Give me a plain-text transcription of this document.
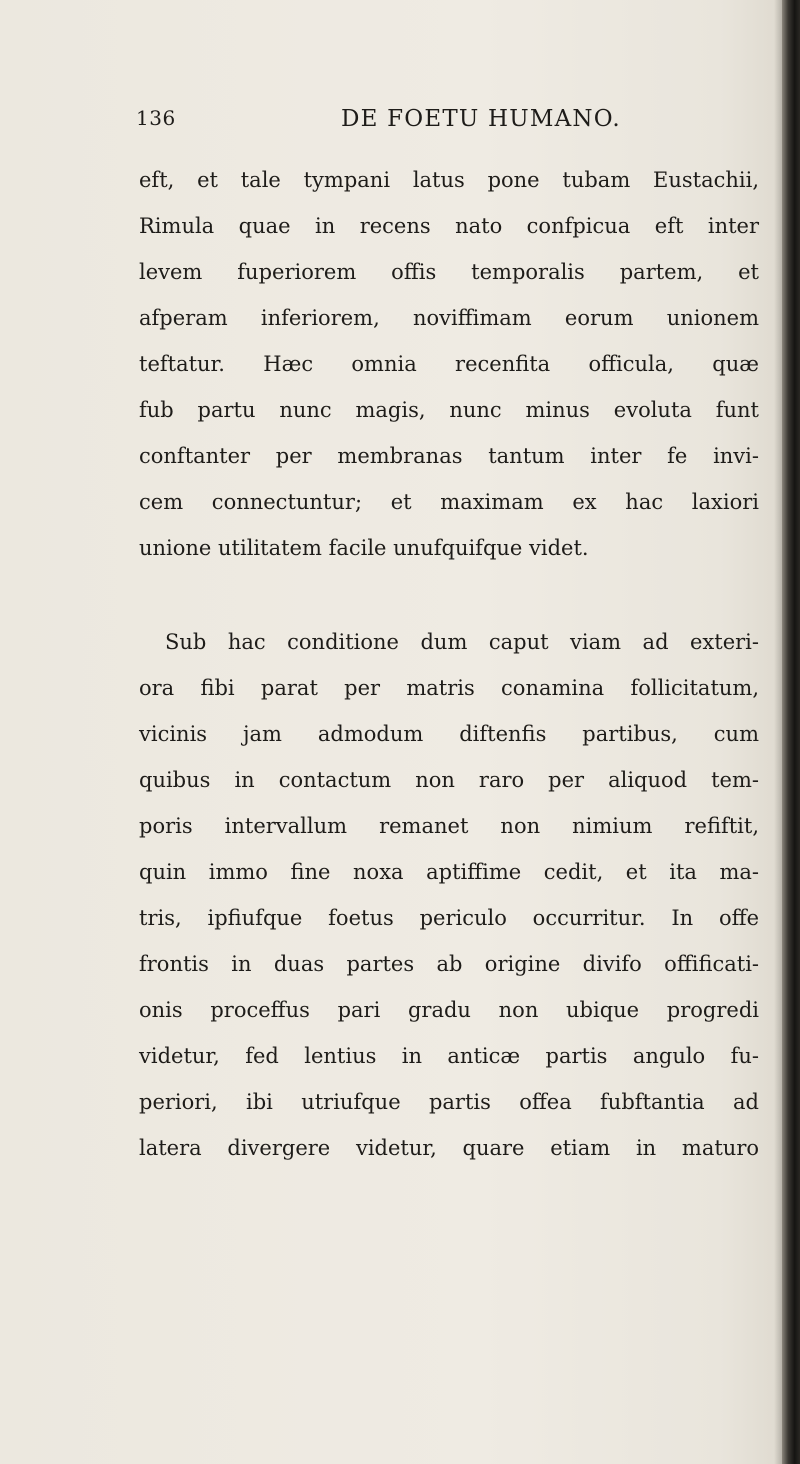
136	DE FOETU HUMANO.
eft, et tale tympani latus pone tubam Eustachii,
Rimula quae in recens nato confpicua eft inter
levem fuperiorem offis temporalis partem, et
afperam inferiorem, noviffimam eorum unionem
teftatur. Hæc omnia recenfita officula, quæ
fub partu nunc magis, nunc minus evoluta funt
conftanter per membranas tantum inter fe invi-
cem connectuntur; et maximam ex hac laxiori
unione utilitatem facile unufquifque videt.
Sub hac conditione dum caput viam ad exteri-
ora fibi parat per matris conamina follicitatum,
vicinis jam admodum diftenfis partibus, cum
quibus in contactum non raro per aliquod tem-
poris intervallum remanet non nimium refiftit,
quin immo fine noxa aptiffime cedit, et ita ma-
tris, ipfiufque foetus periculo occurritur. In offe
frontis in duas partes ab origine divifo offificati-
onis proceffus pari gradu non ubique progredi
videtur, fed lentius in anticæ partis angulo fu-
periori, ibi utriufque partis offea fubftantia ad
latera divergere videtur, quare etiam in maturo
